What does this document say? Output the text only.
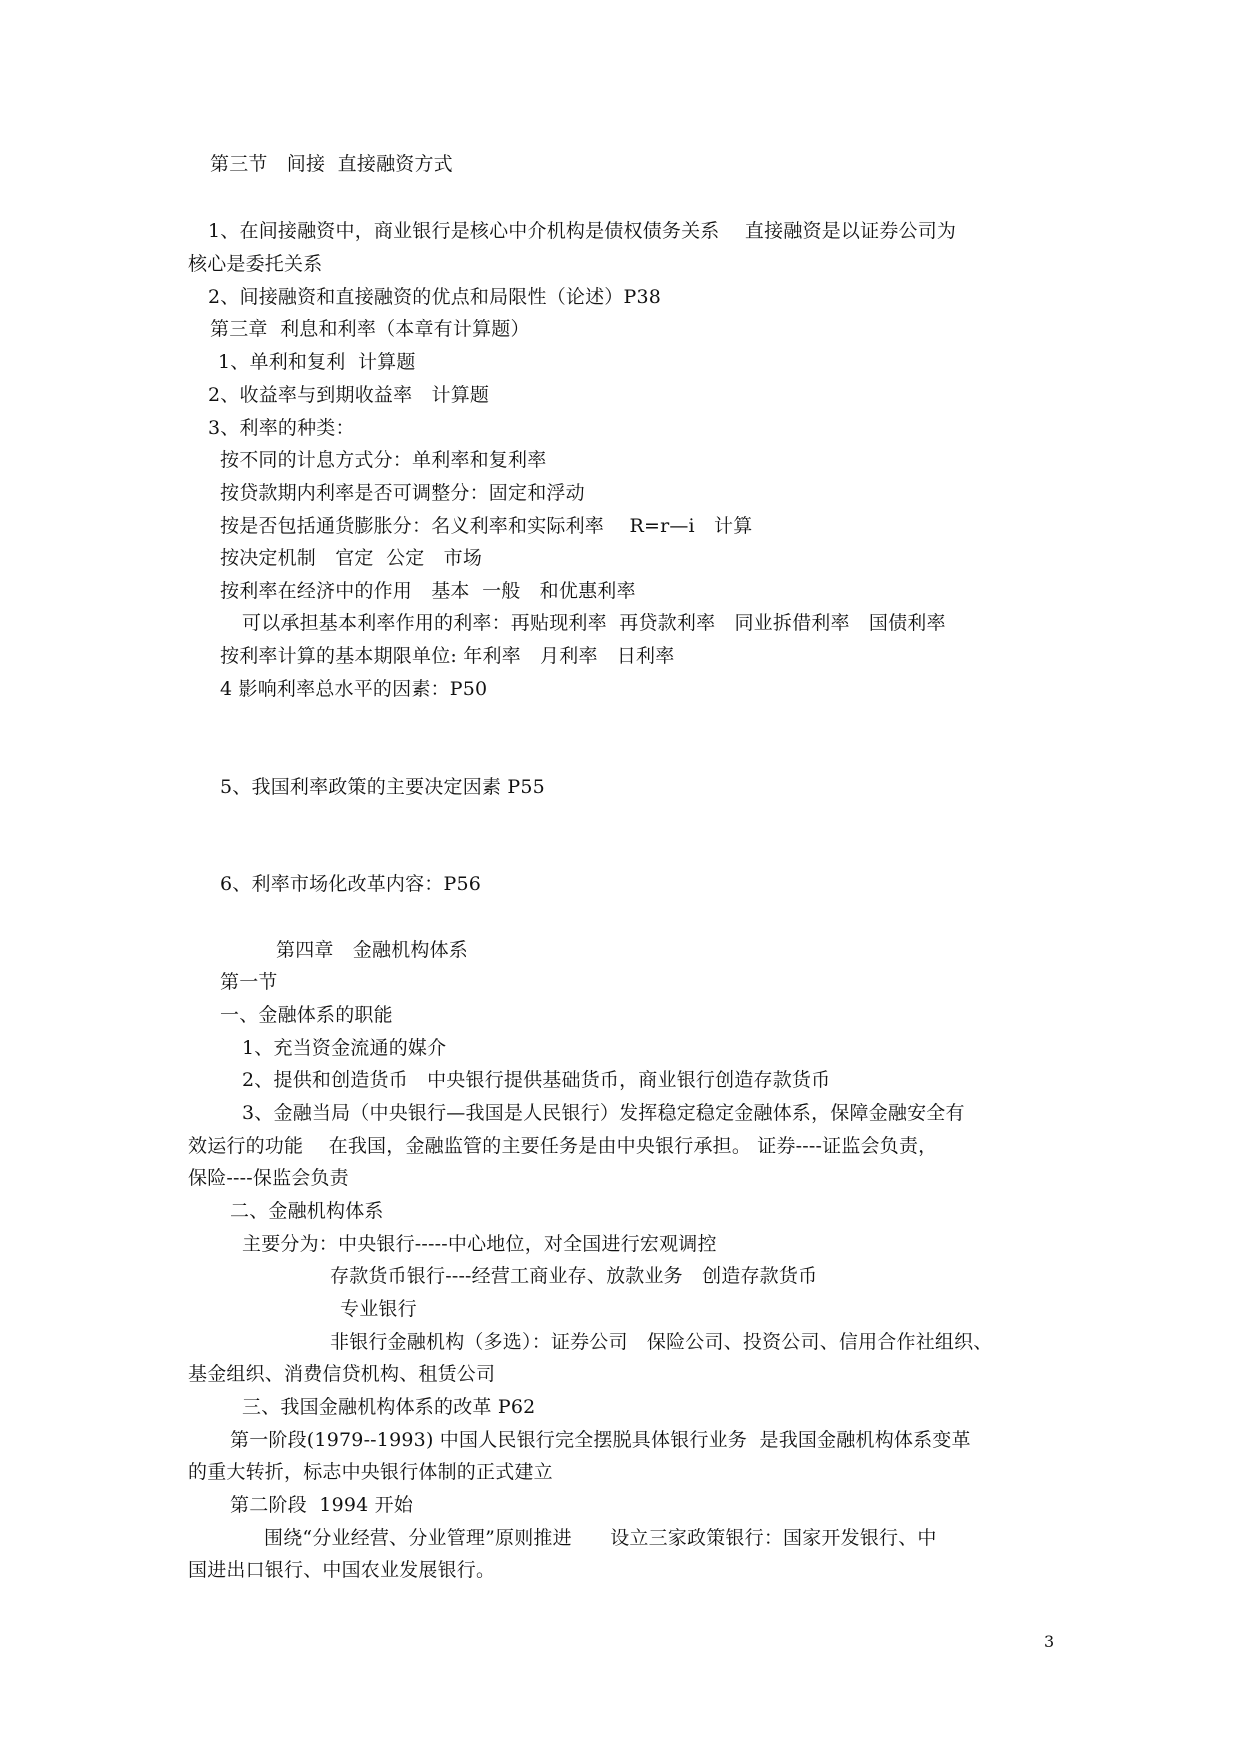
第三节　间接  直接融资方式
1、在间接融资中，商业银行是核心中介机构是债权债务关系　 直接融资是以证券公司为
核心是委托关系
2、间接融资和直接融资的优点和局限性（论述）P38
第三章  利息和利率（本章有计算题）
1、单利和复利  计算题
2、收益率与到期收益率　计算题
3、利率的种类：
按不同的计息方式分：单利率和复利率
按贷款期内利率是否可调整分：固定和浮动
按是否包括通货膨胀分：名义利率和实际利率　 R=r—i　计算
按决定机制　官定  公定　市场
按利率在经济中的作用　基本  一般　和优惠利率
可以承担基本利率作用的利率：再贴现利率  再贷款利率　同业拆借利率　国债利率
按利率计算的基本期限单位: 年利率　月利率　日利率
4 影响利率总水平的因素：P50
5、我国利率政策的主要决定因素 P55
6、利率市场化改革内容：P56
第四章　金融机构体系
第一节
一、金融体系的职能
1、充当资金流通的媒介
2、提供和创造货币　中央银行提供基础货币，商业银行创造存款货币
3、金融当局（中央银行—我国是人民银行）发挥稳定稳定金融体系，保障金融安全有
效运行的功能　 在我国，金融监管的主要任务是由中央银行承担。 证券----证监会负责，
保险----保监会负责
二、金融机构体系
主要分为：中央银行-----中心地位，对全国进行宏观调控
存款货币银行----经营工商业存、放款业务　创造存款货币
专业银行
非银行金融机构（多选）：证券公司　保险公司、投资公司、信用合作社组织、
基金组织、消费信贷机构、租赁公司
三、我国金融机构体系的改革 P62
第一阶段(1979--1993) 中国人民银行完全摆脱具体银行业务  是我国金融机构体系变革
的重大转折，标志中央银行体制的正式建立
第二阶段  1994 开始
围绕“分业经营、分业管理”原则推进　　设立三家政策银行：国家开发银行、中
国进出口银行、中国农业发展银行。
3
